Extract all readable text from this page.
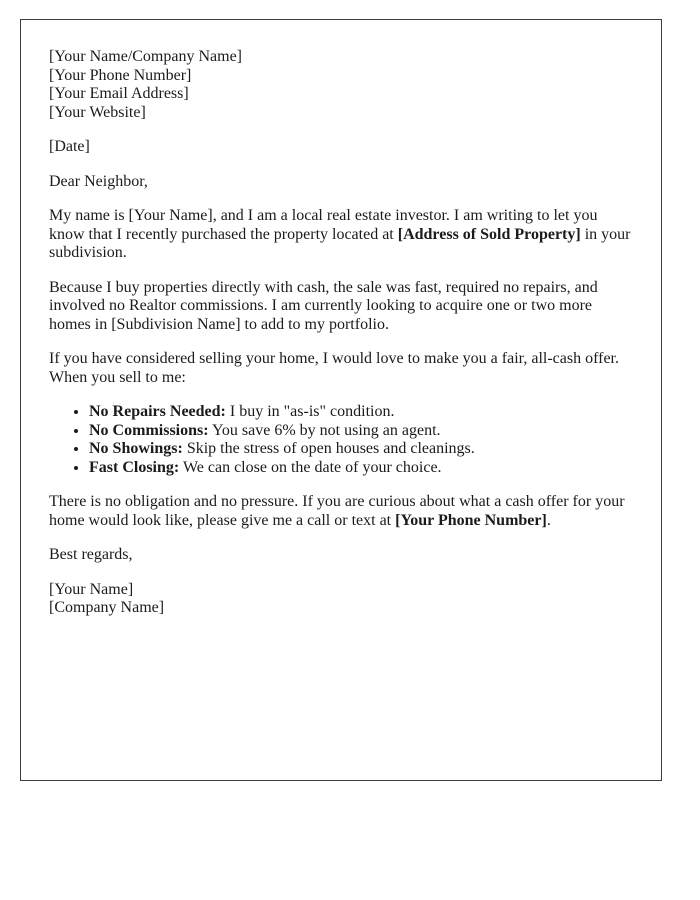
[Your Name/Company Name]
[Your Phone Number]
[Your Email Address]
[Your Website]

[Date]

Dear Neighbor,

My name is [Your Name], and I am a local real estate investor. I am writing to let you
know that I recently purchased the property located at [Address of Sold Property] in your
subdivision.

Because I buy properties directly with cash, the sale was fast, required no repairs, and
involved no Realtor commissions. I am currently looking to acquire one or two more
homes in [Subdivision Name] to add to my portfolio.

If you have considered selling your home, I would love to make you a fair, all-cash offer.
When you sell to me:

• No Repairs Needed: I buy in "as-is" condition.
• No Commissions: You save 6% by not using an agent.
• No Showings: Skip the stress of open houses and cleanings.
• Fast Closing: We can close on the date of your choice.

There is no obligation and no pressure. If you are curious about what a cash offer for your
home would look like, please give me a call or text at [Your Phone Number].

Best regards,

[Your Name]
[Company Name]
